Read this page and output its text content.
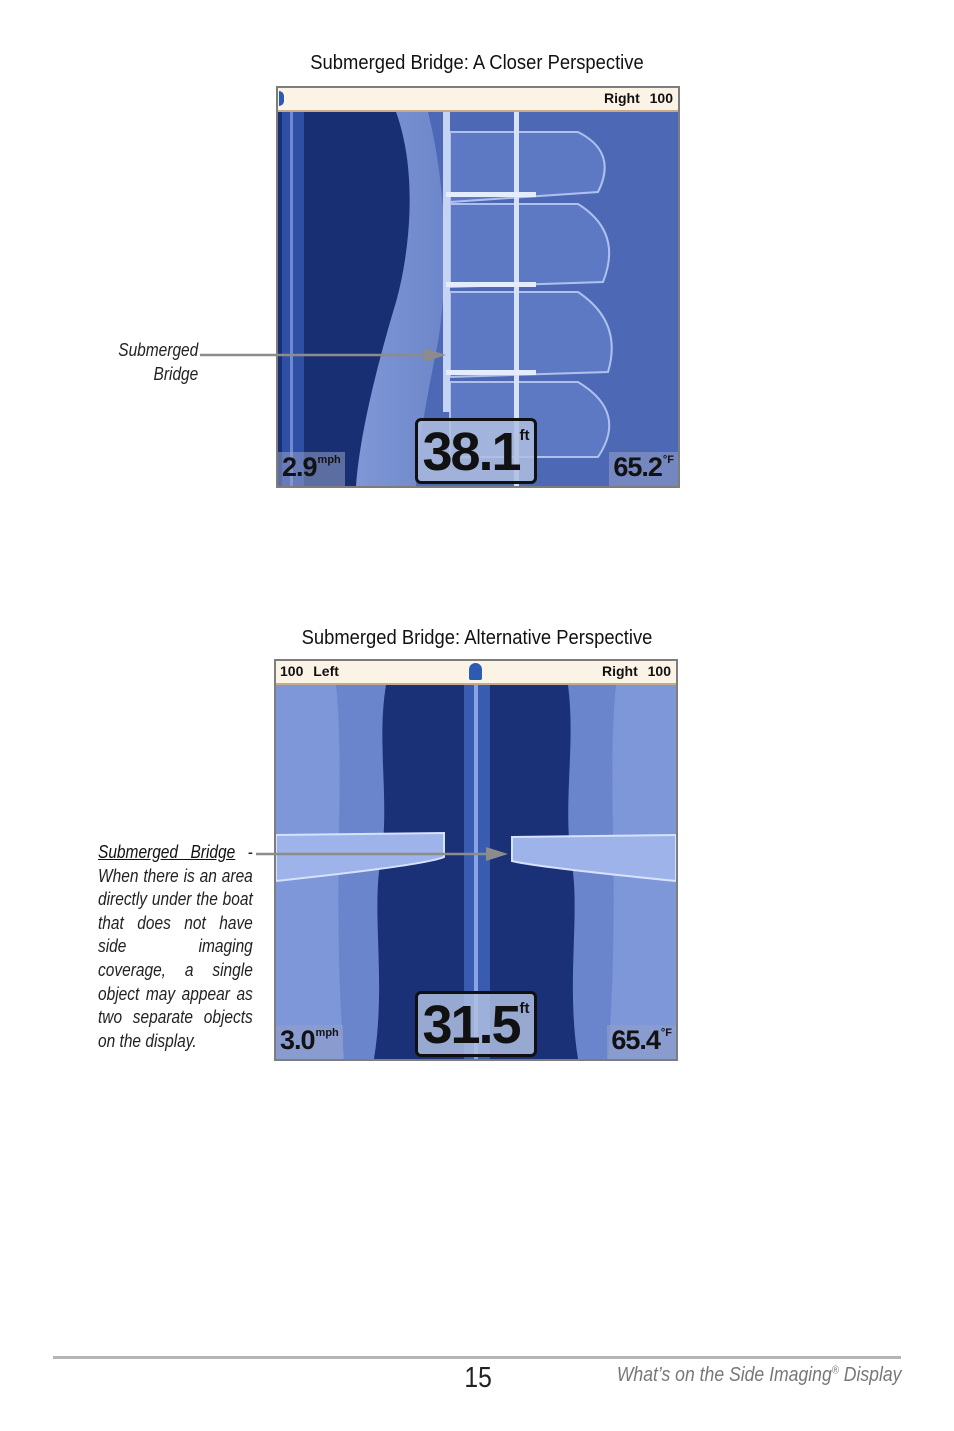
Submerged Bridge: A Closer Perspective
Right 100
$2.9^{mph}$ $38.1^{ft}$
$65.2^{^\circ F}$
Submerged Bridge
Submerged Bridge: Alternative Perspective
100 Left	Right 100
$3.0^{mph}$ $31.5^{ft}$
$65.4^{^\circ F}$
Submerged Bridge - When there is an area directly under the boat that does not have side imaging coverage, a single object may appear as two separate objects on the display.
15	What’s on the Side Imaging® Display
